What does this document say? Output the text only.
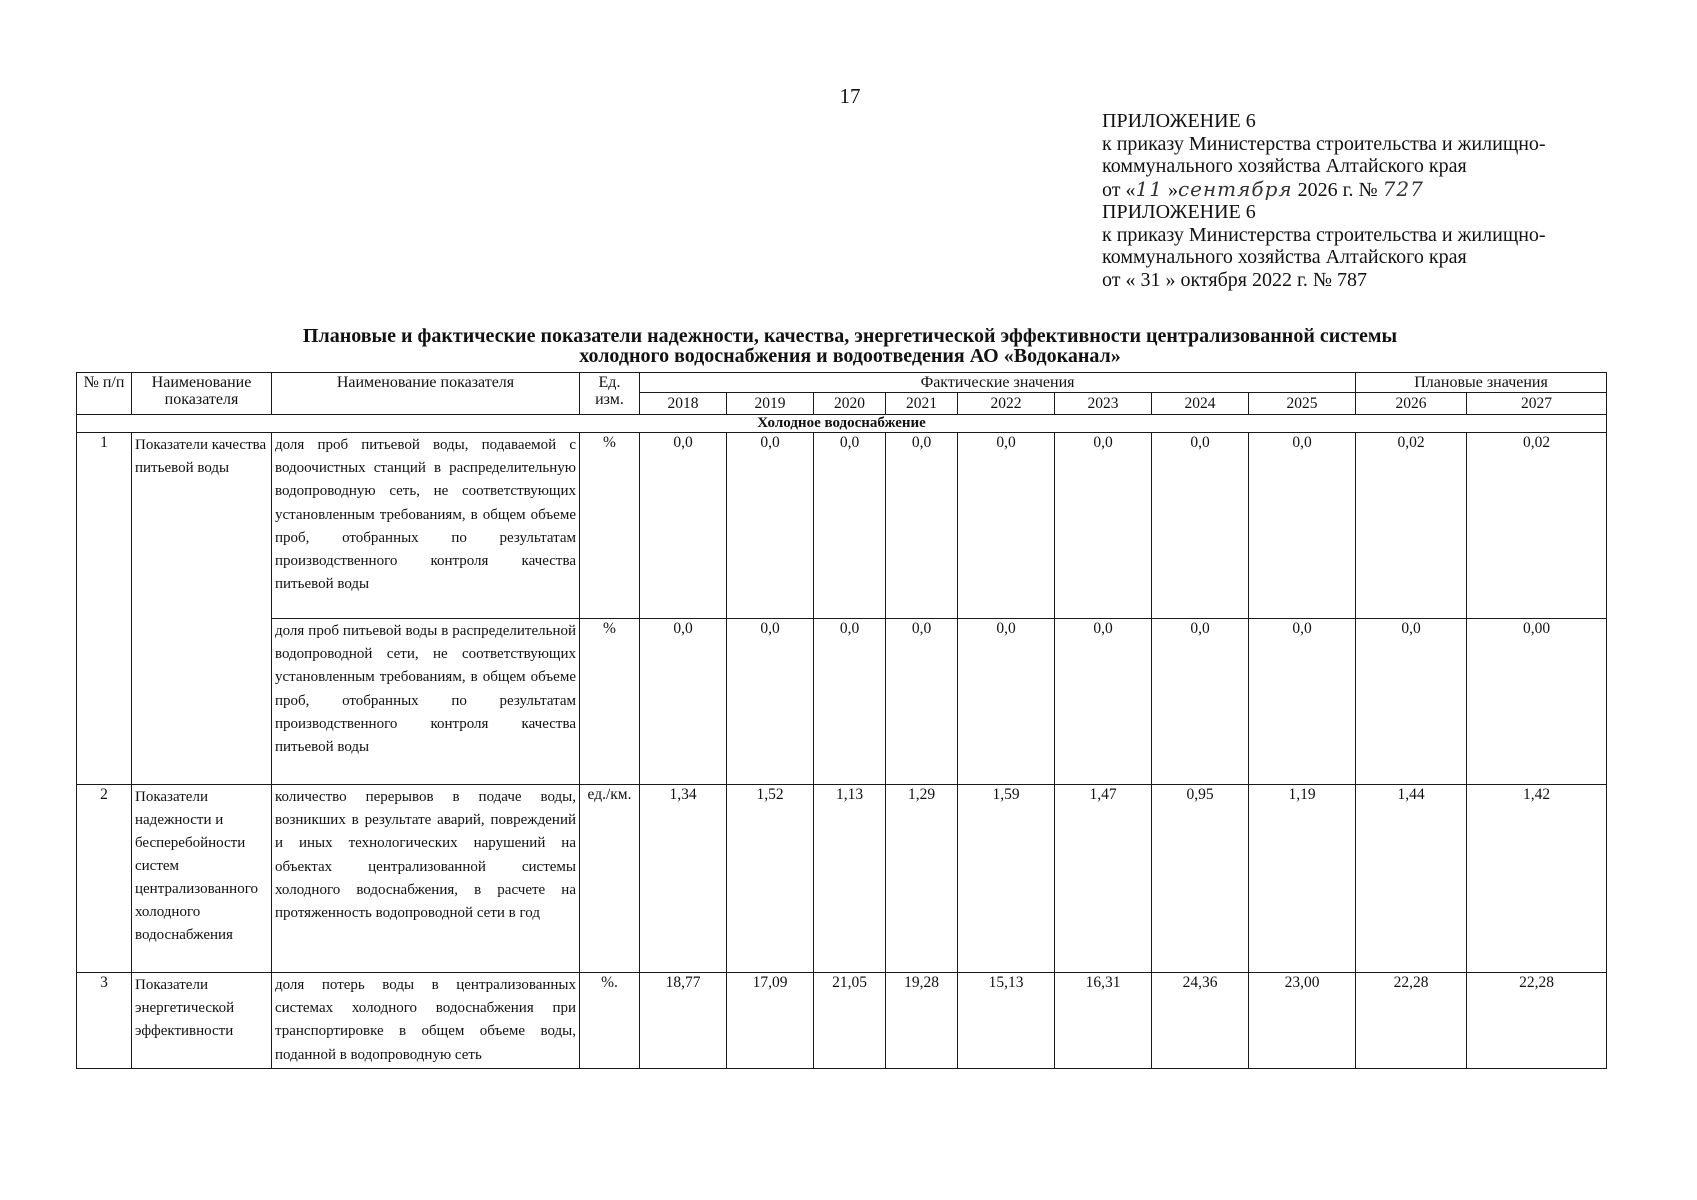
17
ПРИЛОЖЕНИЕ 6
к приказу Министерства строительства и жилищно-
коммунального хозяйства Алтайского края
от «11 »сентября 2026 г. № 727
ПРИЛОЖЕНИЕ 6
к приказу Министерства строительства и жилищно-
коммунального хозяйства Алтайского края
от « 31 » октября 2022 г. № 787
Плановые и фактические показатели надежности, качества, энергетической эффективности централизованной системы
холодного водоснабжения и водоотведения АО «Водоканал»
№ п/п	Наименование показателя	Наименование показателя	Ед. изм.	Фактические значения								Плановые значения	
				2018	2019	2020	2021	2022	2023	2024	2025	2026	2027
Холодное водоснабжение													
1	Показатели качества питьевой воды	доля проб питьевой воды, подаваемой с водоочистных станций в распределительную водопроводную сеть, не соответствующих установленным требованиям, в общем объеме проб, отобранных по результатам производственного контроля качества питьевой воды	%	0,0	0,0	0,0	0,0	0,0	0,0	0,0	0,0	0,02	0,02
		доля проб питьевой воды в распределительной водопроводной сети, не соответствующих установленным требованиям, в общем объеме проб, отобранных по результатам производственного контроля качества питьевой воды	%	0,0	0,0	0,0	0,0	0,0	0,0	0,0	0,0	0,0	0,00
2	Показатели надежности и бесперебойности систем централизованного холодного водоснабжения	количество перерывов в подаче воды, возникших в результате аварий, повреждений и иных технологических нарушений на объектах централизованной системы холодного водоснабжения, в расчете на протяженность водопроводной сети в год	ед./км.	1,34	1,52	1,13	1,29	1,59	1,47	0,95	1,19	1,44	1,42
3	Показатели энергетической эффективности	доля потерь воды в централизованных системах холодного водоснабжения при транспортировке в общем объеме воды, поданной в водопроводную сеть	%.	18,77	17,09	21,05	19,28	15,13	16,31	24,36	23,00	22,28	22,28
